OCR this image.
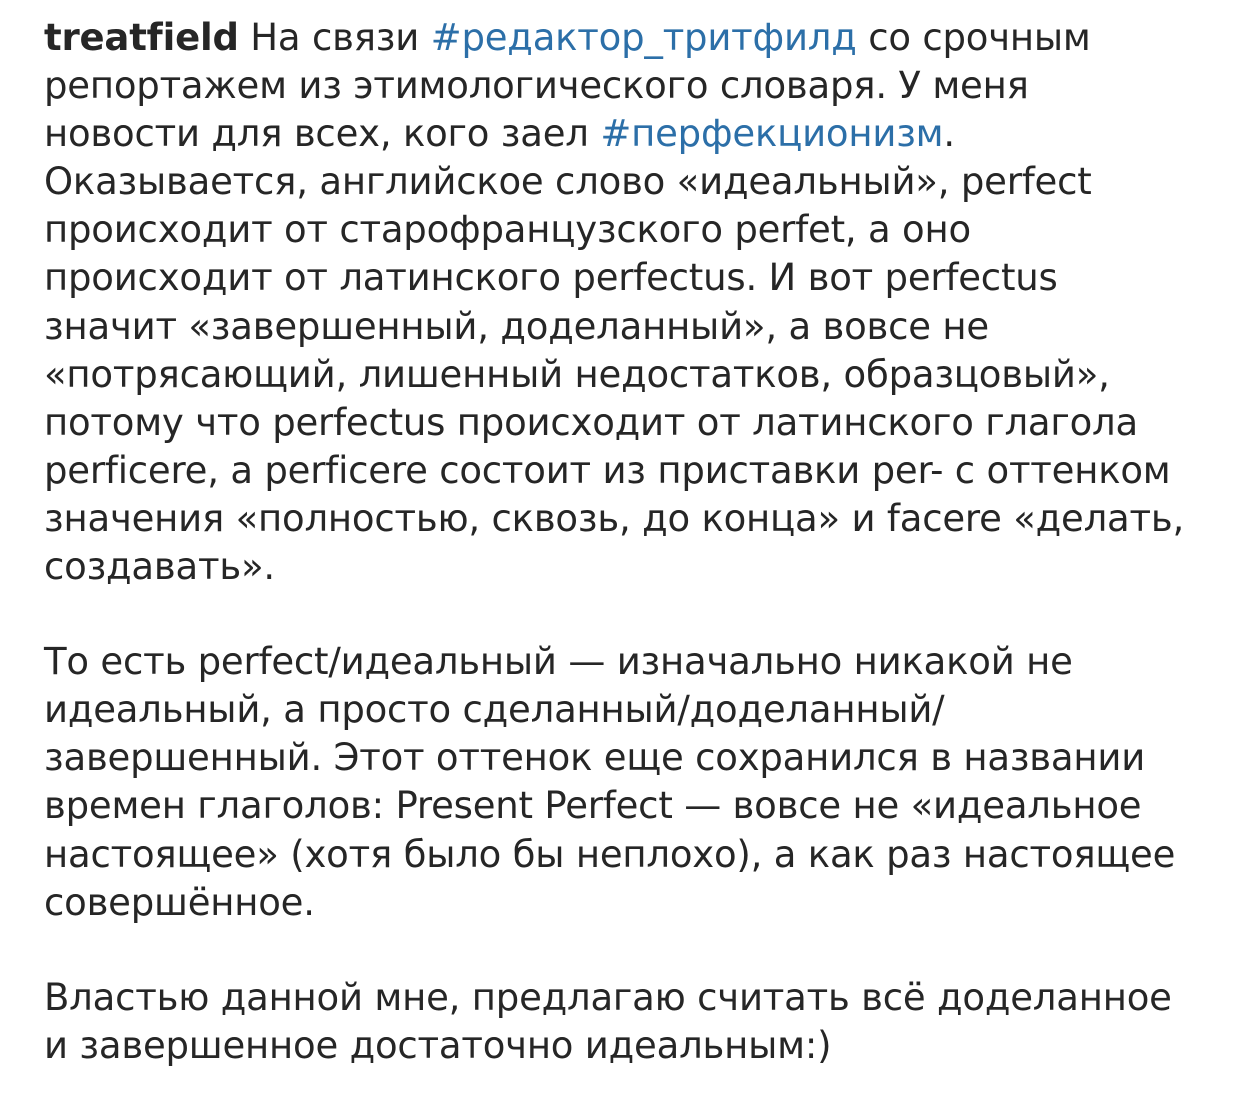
treatfield На связи #редактор_тритфилд со срочным репортажем из этимологического словаря. У меня новости для всех, кого заел #перфекционизм. Оказывается, английское слово «идеальный», perfect происходит от старофранцузского perfet, а оно происходит от латинского perfectus. И вот perfectus значит «завершенный, доделанный», а вовсе не «потрясающий, лишенный недостатков, образцовый», потому что perfectus происходит от латинского глагола perficere, а perficere состоит из приставки per- с оттенком значения «полностью, сквозь, до конца» и facere «делать, создавать».

То есть perfect/идеальный — изначально никакой не идеальный, а просто сделанный/доделанный/завершенный. Этот оттенок еще сохранился в названии времен глаголов: Present Perfect — вовсе не «идеальное настоящее» (хотя было бы неплохо), а как раз настоящее совершённое.

Властью данной мне, предлагаю считать всё доделанное и завершенное достаточно идеальным:)
